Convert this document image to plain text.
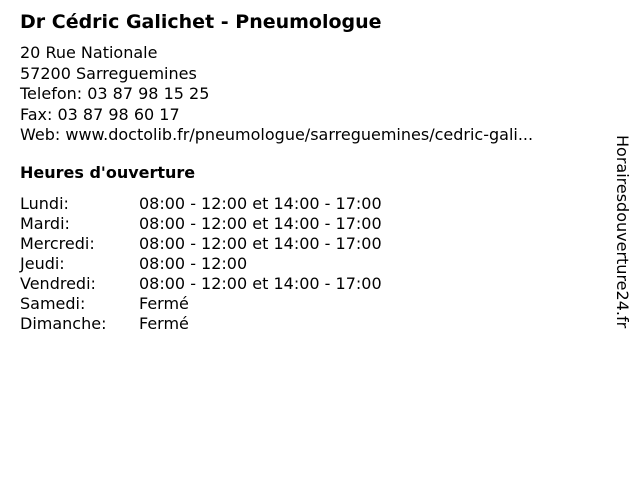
Dr Cédric Galichet - Pneumologue
20 Rue Nationale
57200 Sarreguemines
Telefon: 03 87 98 15 25
Fax: 03 87 98 60 17
Web: www.doctolib.fr/pneumologue/sarreguemines/cedric-gali...
Heures d'ouverture
Lundi:	08:00 - 12:00 et 14:00 - 17:00
Mardi:	08:00 - 12:00 et 14:00 - 17:00
Mercredi:	08:00 - 12:00 et 14:00 - 17:00
Jeudi:	08:00 - 12:00
Vendredi:	08:00 - 12:00 et 14:00 - 17:00
Samedi:	Fermé
Dimanche: Fermé	Horairesdouverture24.fr
